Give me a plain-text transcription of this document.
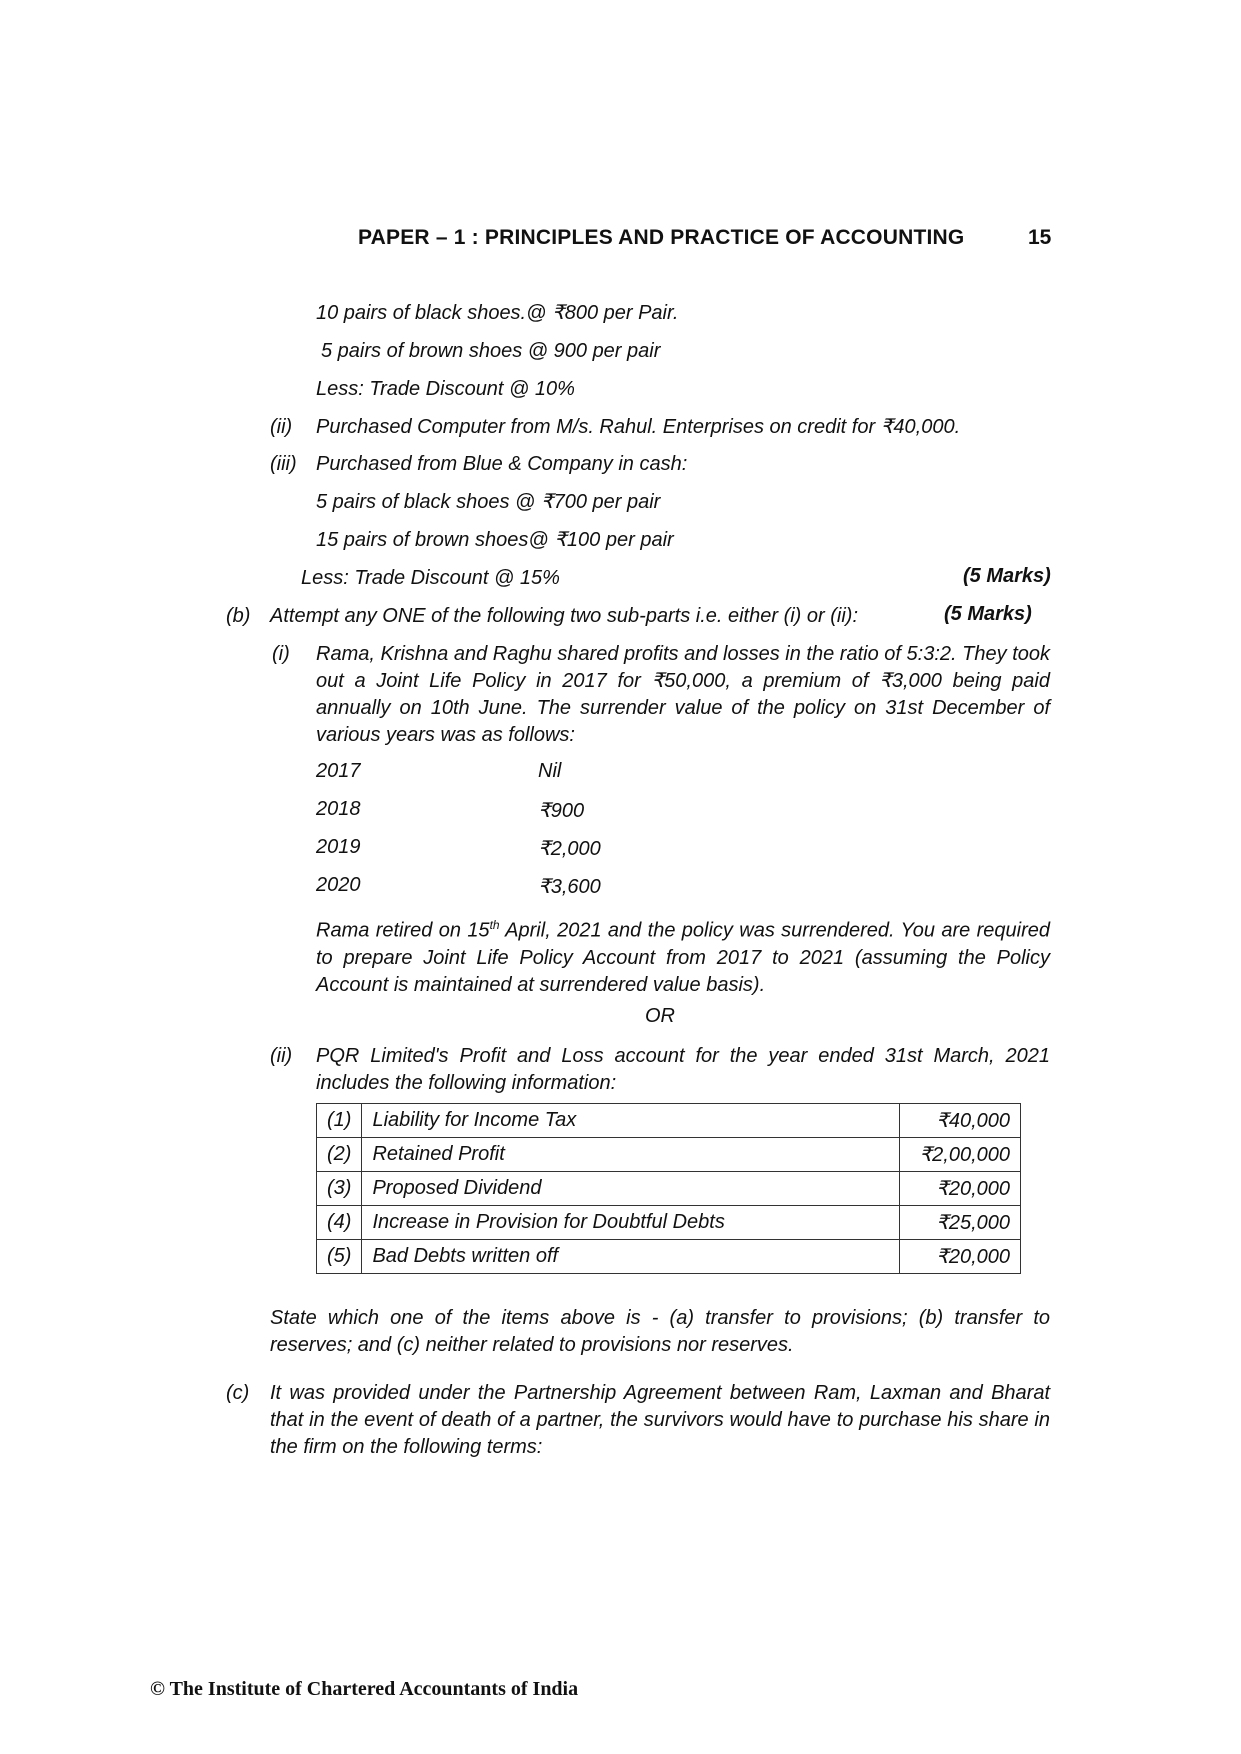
PAPER – 1 : PRINCIPLES AND PRACTICE OF ACCOUNTING	15
10 pairs of black shoes.@ ₹800 per Pair.
5 pairs of brown shoes @ 900 per pair
Less: Trade Discount @ 10%
(ii) Purchased Computer from M/s. Rahul. Enterprises on credit for ₹40,000.
(iii) Purchased from Blue & Company in cash:
5 pairs of black shoes @ ₹700 per pair
15 pairs of brown shoes@ ₹100 per pair
Less: Trade Discount @ 15%	(5 Marks)
(b) Attempt any ONE of the following two sub-parts i.e. either (i) or (ii):	(5 Marks)
(i) Rama, Krishna and Raghu shared profits and losses in the ratio of 5:3:2. They took out a Joint Life Policy in 2017 for ₹50,000, a premium of ₹3,000 being paid annually on 10th June. The surrender value of the policy on 31st December of various years was as follows:
2017	Nil
2018	₹900
2019	₹2,000
2020	₹3,600
Rama retired on 15th April, 2021 and the policy was surrendered. You are required to prepare Joint Life Policy Account from 2017 to 2021 (assuming the Policy Account is maintained at surrendered value basis).
OR
(ii) PQR Limited's Profit and Loss account for the year ended 31st March, 2021 includes the following information:
(1)	Liability for Income Tax	₹40,000
(2)	Retained Profit	₹2,00,000
(3)	Proposed Dividend	₹20,000
(4)	Increase in Provision for Doubtful Debts	₹25,000
(5)	Bad Debts written off	₹20,000
State which one of the items above is - (a) transfer to provisions; (b) transfer to reserves; and (c) neither related to provisions nor reserves.
(c) It was provided under the Partnership Agreement between Ram, Laxman and Bharat that in the event of death of a partner, the survivors would have to purchase his share in the firm on the following terms:
© The Institute of Chartered Accountants of India
